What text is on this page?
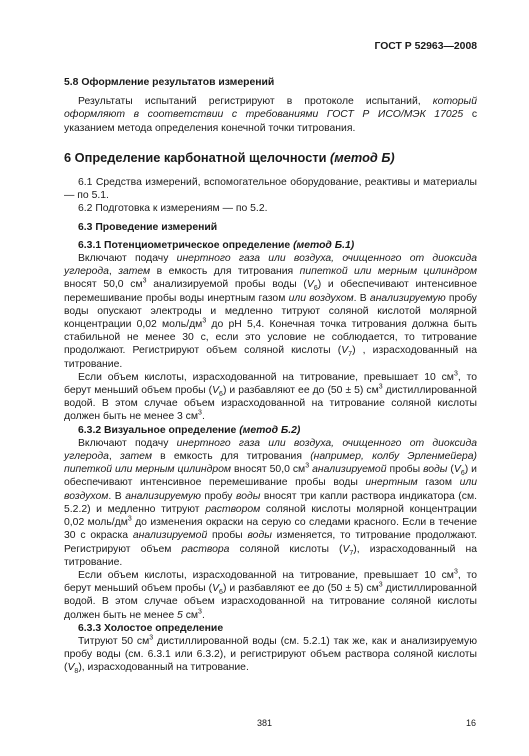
ГОСТ Р 52963—2008

5.8 Оформление результатов измерений

Результаты испытаний регистрируют в протоколе испытаний, который оформляют в соответствии с требованиями ГОСТ Р ИСО/МЭК 17025 с указанием метода определения конечной точки титрования.

6 Определение карбонатной щелочности (метод Б)

6.1 Средства измерений, вспомогательное оборудование, реактивы и материалы — по 5.1.

6.2 Подготовка к измерениям — по 5.2.

6.3 Проведение измерений

6.3.1 Потенциометрическое определение (метод Б.1)

Включают подачу инертного газа или воздуха, очищенного от диоксида углерода, затем в емкость для титрования пипеткой или мерным цилиндром вносят 50,0 $см^3$ анализируемой пробы воды $(V_6)$ и обеспечивают интенсивное перемешивание пробы воды инертным газом или воздухом. В анализируемую пробу воды опускают электроды и медленно титруют соляной кислотой молярной концентрации 0,02 моль/$дм^3$ до pH 5,4. Конечная точка титрования должна быть стабильной не менее 30 с, если это условие не соблюдается, то титрование продолжают. Регистрируют объем соляной кислоты $(V_7)$ , израсходованный на титрование.

Если объем кислоты, израсходованной на титрование, превышает 10 $см^3$, то берут меньший объем пробы $(V_6)$ и разбавляют ее до (50 ± 5) $см^3$ дистиллированной водой. В этом случае объем израсходованной на титрование соляной кислоты должен быть не менее 3 $см^3$.

6.3.2 Визуальное определение (метод Б.2)

Включают подачу инертного газа или воздуха, очищенного от диоксида углерода, затем в емкость для титрования (например, колбу Эрленмейера) пипеткой или мерным цилиндром вносят 50,0 $см^3$ анализируемой пробы воды $(V_6)$ и обеспечивают интенсивное перемешивание пробы воды инертным газом или воздухом. В анализируемую пробу воды вносят три капли раствора индикатора (см. 5.2.2) и медленно титруют раствором соляной кислоты молярной концентрации 0,02 моль/$дм^3$ до изменения окраски на серую со следами красного. Если в течение 30 с окраска анализируемой пробы воды изменяется, то титрование продолжают. Регистрируют объем раствора соляной кислоты $(V_7)$, израсходованный на титрование.

Если объем кислоты, израсходованной на титрование, превышает 10 $см^3$, то берут меньший объем пробы $(V_6)$ и разбавляют ее до (50 ± 5) $см^3$ дистиллированной водой. В этом случае объем израсходованной на титрование соляной кислоты должен быть не менее 5 $см^3$.

6.3.3 Холостое определение

Титруют 50 $см^3$ дистиллированной воды (см. 5.2.1) так же, как и анализируемую пробу воды (см. 6.3.1 или 6.3.2), и регистрируют объем раствора соляной кислоты $(V_8)$, израсходованный на титрование.

381	16
